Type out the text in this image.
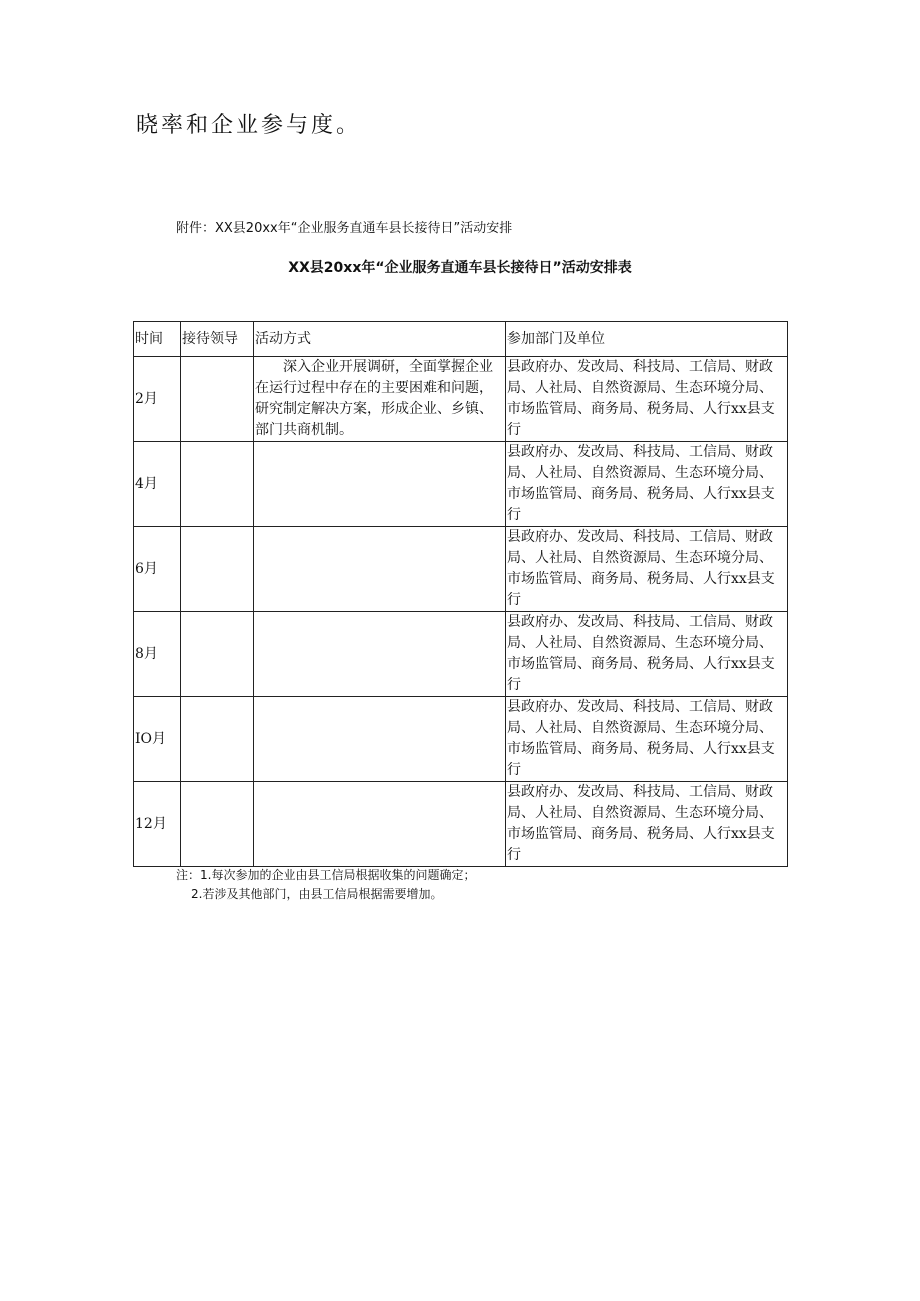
晓率和企业参与度。

附件：XX县20xx年“企业服务直通车县长接待日”活动安排

XX县20xx年“企业服务直通车县长接待日”活动安排表

时间	接待领导	活动方式	参加部门及单位
2月		深入企业开展调研，全面掌握企业在运行过程中存在的主要困难和问题，研究制定解决方案，形成企业、乡镇、部门共商机制。	县政府办、发改局、科技局、工信局、财政局、人社局、自然资源局、生态环境分局、市场监管局、商务局、税务局、人行xx县支行
4月			县政府办、发改局、科技局、工信局、财政局、人社局、自然资源局、生态环境分局、市场监管局、商务局、税务局、人行xx县支行
6月			县政府办、发改局、科技局、工信局、财政局、人社局、自然资源局、生态环境分局、市场监管局、商务局、税务局、人行xx县支行
8月			县政府办、发改局、科技局、工信局、财政局、人社局、自然资源局、生态环境分局、市场监管局、商务局、税务局、人行xx县支行
IO月			县政府办、发改局、科技局、工信局、财政局、人社局、自然资源局、生态环境分局、市场监管局、商务局、税务局、人行xx县支行
12月			县政府办、发改局、科技局、工信局、财政局、人社局、自然资源局、生态环境分局、市场监管局、商务局、税务局、人行xx县支行
注：1.每次参加的企业由县工信局根据收集的问题确定；
2.若涉及其他部门，由县工信局根据需要增加。
